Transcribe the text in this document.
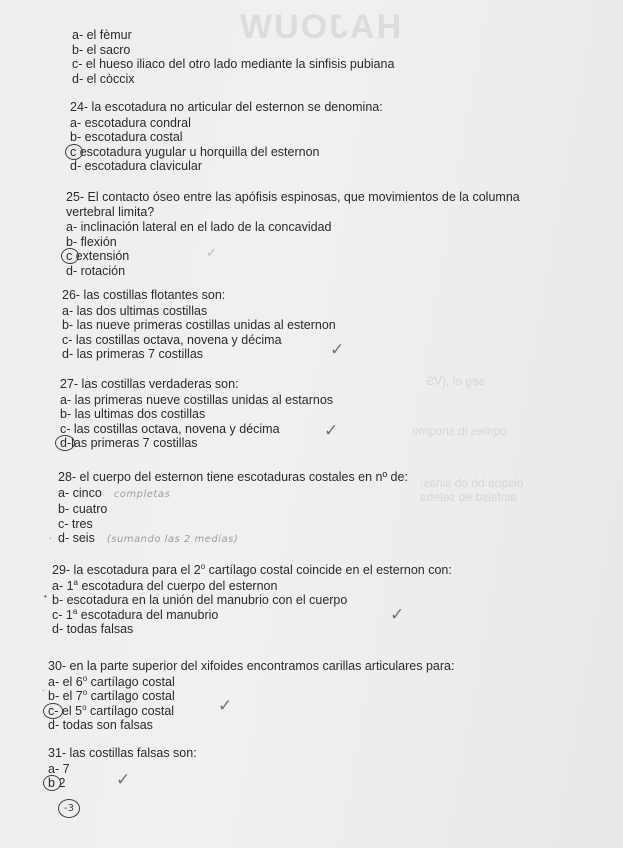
HAJOUW
seg el ,(VS
oqmes ib snoqmo
olsqoa bb ob sinas:
ainfaisd eb seleba
a- el fèmur
b- el sacro
c- el hueso iliaco del otro lado mediante la sinfisis pubiana
d- el còccix
24- la escotadura no articular del esternon se denomina:
a- escotadura condral
b- escotadura costal
c escotadura yugular u horquilla del esternon
d- escotadura clavicular
25- El contacto óseo entre las apófisis espinosas, que movimientos de la columna vertebral limita?
a- inclinación lateral en el lado de la concavidad
b- flexión
c extensión
d- rotación
✓
26- las costillas flotantes son:
a- las dos ultimas costillas
b- las nueve primeras costillas unidas al esternon
c- las costillas octava, novena y décima
d- las primeras 7 costillas	✓
27- las costillas verdaderas son:
a- las primeras nueve costillas unidas al estarnos
b- las ultimas dos costillas
c- las costillas octava, novena y décima
d-las primeras 7 costillas
✓
28- el cuerpo del esternon tiene escotaduras costales en nº de:
a- cinco completas
b- cuatro
c- tres
d- seis (sumando las 2 medias)
·
29- la escotadura para el 2$^o$ cartílago costal coincide en el esternon con:
a- 1$^a$ escotadura del cuerpo del esternon
b- escotadura en la unión del manubrio con el cuerpo
c- 1$^a$ escotadura del manubrio
d- todas falsas
•
✓
30- en la parte superior del xifoides encontramos carillas articulares para:
a- el 6$^o$ cartílago costal
b- el 7$^o$ cartílago costal
c- el 5$^o$ cartílago costal
d- todas son falsas
·
✓
31- las costillas falsas son:
a- 7
b 2	✓
-3
